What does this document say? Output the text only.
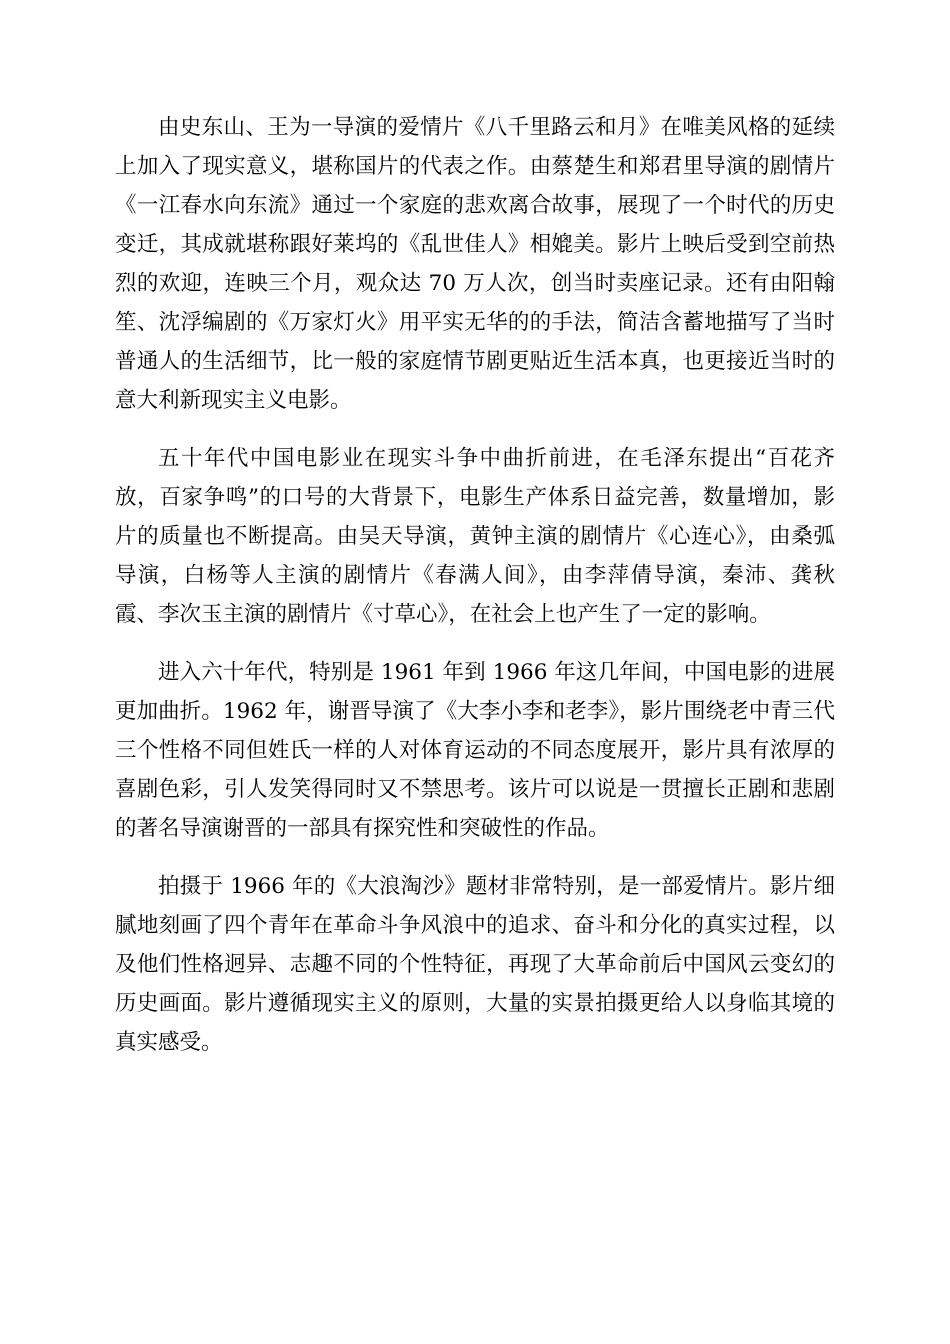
由史东山、王为一导演的爱情片《八千里路云和月》在唯美风格的延续上加入了现实意义，堪称国片的代表之作。由蔡楚生和郑君里导演的剧情片《一江春水向东流》通过一个家庭的悲欢离合故事，展现了一个时代的历史变迁，其成就堪称跟好莱坞的《乱世佳人》相媲美。影片上映后受到空前热烈的欢迎，连映三个月，观众达 70 万人次，创当时卖座记录。还有由阳翰笙、沈浮编剧的《万家灯火》用平实无华的的手法，简洁含蓄地描写了当时普通人的生活细节，比一般的家庭情节剧更贴近生活本真，也更接近当时的意大利新现实主义电影。

五十年代中国电影业在现实斗争中曲折前进，在毛泽东提出“百花齐放，百家争鸣”的口号的大背景下，电影生产体系日益完善，数量增加，影片的质量也不断提高。由吴天导演，黄钟主演的剧情片《心连心》，由桑弧导演，白杨等人主演的剧情片《春满人间》，由李萍倩导演，秦沛、龚秋霞、李次玉主演的剧情片《寸草心》，在社会上也产生了一定的影响。

进入六十年代，特别是 1961 年到 1966 年这几年间，中国电影的进展更加曲折。1962 年，谢晋导演了《大李小李和老李》，影片围绕老中青三代三个性格不同但姓氏一样的人对体育运动的不同态度展开，影片具有浓厚的喜剧色彩，引人发笑得同时又不禁思考。该片可以说是一贯擅长正剧和悲剧的著名导演谢晋的一部具有探究性和突破性的作品。

拍摄于 1966 年的《大浪淘沙》题材非常特别，是一部爱情片。影片细腻地刻画了四个青年在革命斗争风浪中的追求、奋斗和分化的真实过程，以及他们性格迥异、志趣不同的个性特征，再现了大革命前后中国风云变幻的历史画面。影片遵循现实主义的原则，大量的实景拍摄更给人以身临其境的真实感受。
